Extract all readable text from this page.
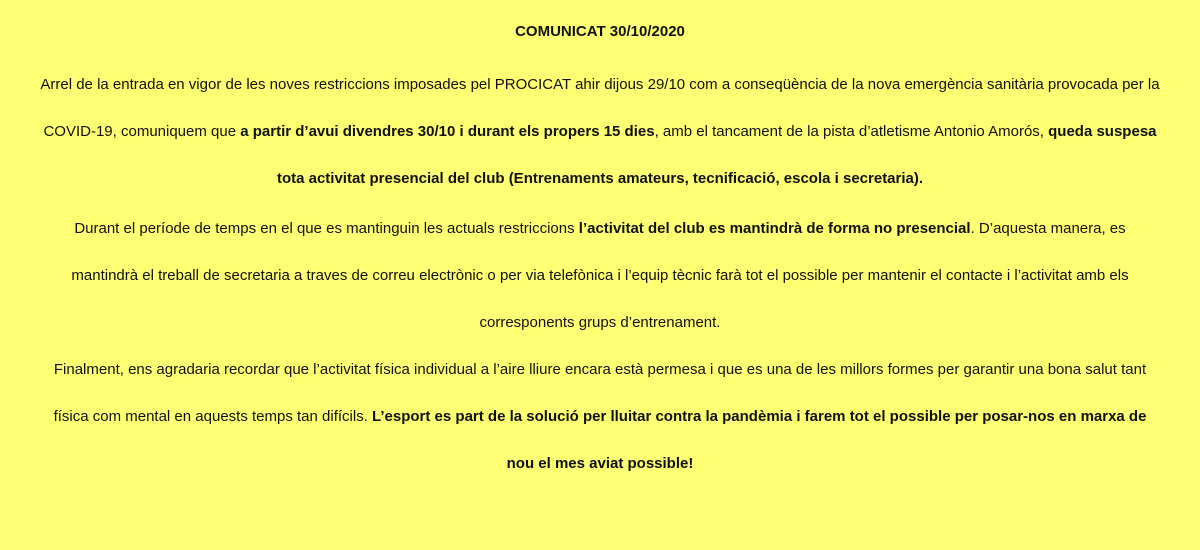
COMUNICAT 30/10/2020

Arrel de la entrada en vigor de les noves restriccions imposades pel PROCICAT ahir dijous 29/10 com a conseqüència de la nova emergència sanitària provocada per la COVID-19, comuniquem que a partir d’avui divendres 30/10 i durant els propers 15 dies, amb el tancament de la pista d’atletisme Antonio Amorós, queda suspesa tota activitat presencial del club (Entrenaments amateurs, tecnificació, escola i secretaria).

Durant el període de temps en el que es mantinguin les actuals restriccions l’activitat del club es mantindrà de forma no presencial. D’aquesta manera, es mantindrà el treball de secretaria a traves de correu electrònic o per via telefònica i l’equip tècnic farà tot el possible per mantenir el contacte i l’activitat amb els corresponents grups d’entrenament.

Finalment, ens agradaria recordar que l’activitat física individual a l’aire lliure encara està permesa i que es una de les millors formes per garantir una bona salut tant física com mental en aquests temps tan difícils. L’esport es part de la solució per lluitar contra la pandèmia i farem tot el possible per posar-nos en marxa de nou el mes aviat possible!
